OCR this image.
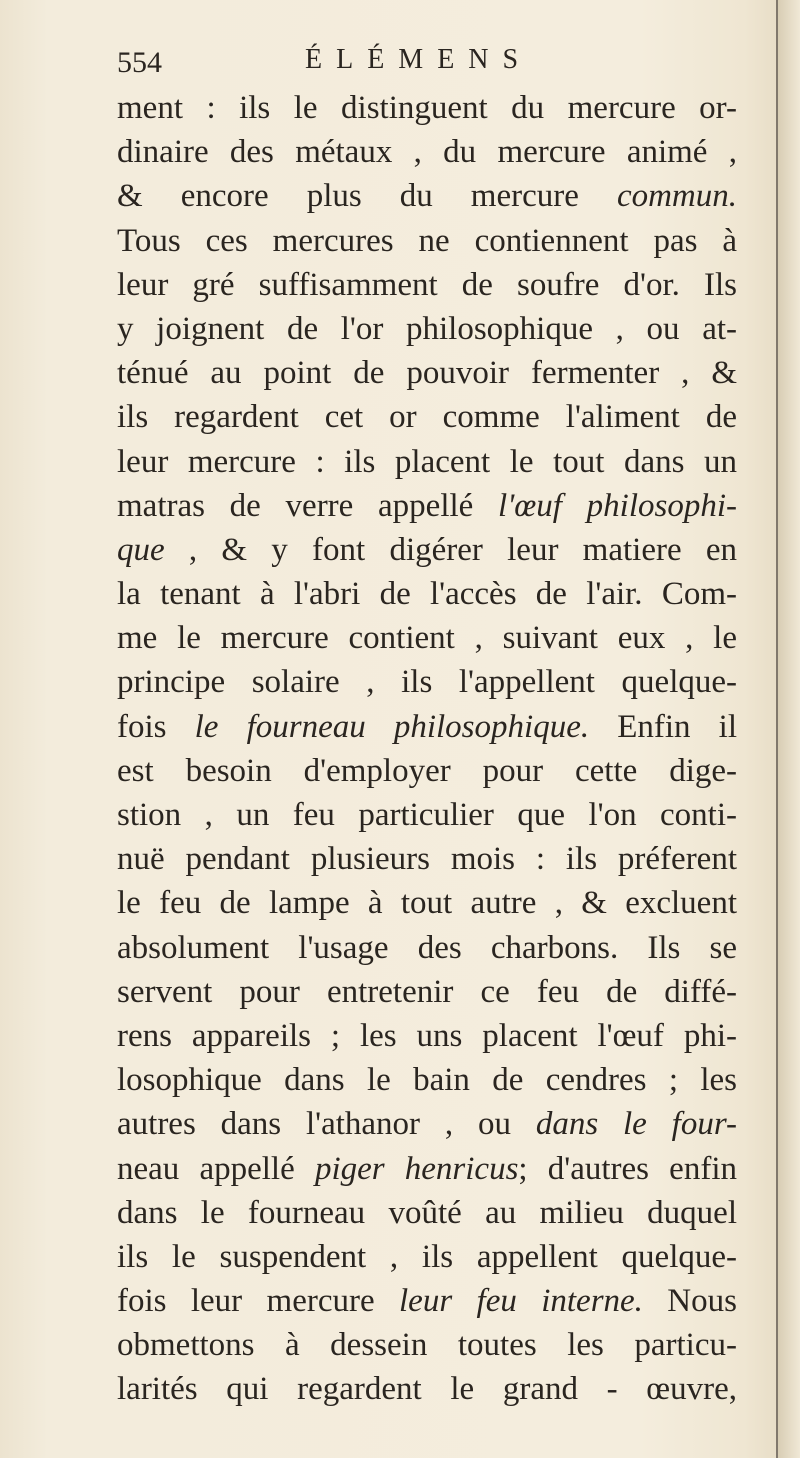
554	ÉLÉMENS
ment : ils le distinguent du mercure or-
dinaire des métaux , du mercure animé ,
& encore plus du mercure commun.
Tous ces mercures ne contiennent pas à
leur gré suffisamment de soufre d'or. Ils
y joignent de l'or philosophique , ou at-
ténué au point de pouvoir fermenter , &
ils regardent cet or comme l'aliment de
leur mercure : ils placent le tout dans un
matras de verre appellé l'œuf philosophi-
que , & y font digérer leur matiere en
la tenant à l'abri de l'accès de l'air. Com-
me le mercure contient , suivant eux , le
principe solaire , ils l'appellent quelque-
fois le fourneau philosophique. Enfin il
est besoin d'employer pour cette dige-
stion , un feu particulier que l'on conti-
nuë pendant plusieurs mois : ils préferent
le feu de lampe à tout autre , & excluent
absolument l'usage des charbons. Ils se
servent pour entretenir ce feu de diffé-
rens appareils ; les uns placent l'œuf phi-
losophique dans le bain de cendres ; les
autres dans l'athanor , ou dans le four-
neau appellé piger henricus; d'autres enfin
dans le fourneau voûté au milieu duquel
ils le suspendent , ils appellent quelque-
fois leur mercure leur feu interne. Nous
obmettons à dessein toutes les particu-
larités qui regardent le grand - œuvre,
